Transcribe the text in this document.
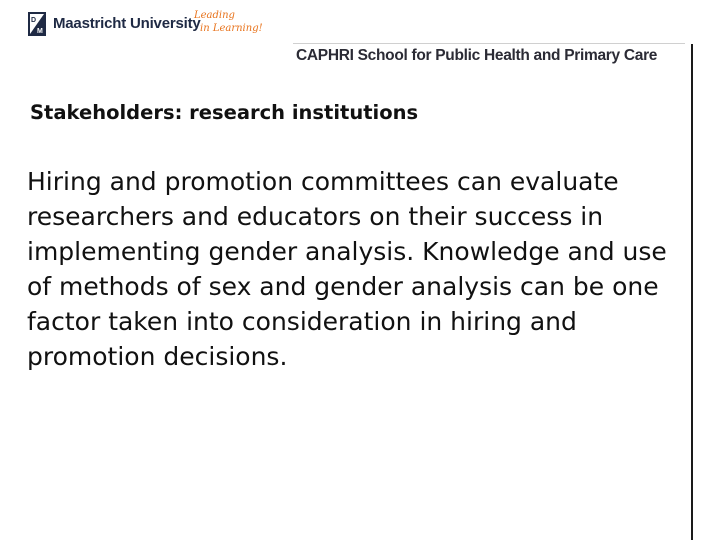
D
M Maastricht University
Leading
in Learning!
CAPHRI School for Public Health and Primary Care
Stakeholders: research institutions

Hiring and promotion committees can evaluate researchers and educators on their success in implementing gender analysis. Knowledge and use of methods of sex and gender analysis can be one factor taken into consideration in hiring and promotion decisions.
